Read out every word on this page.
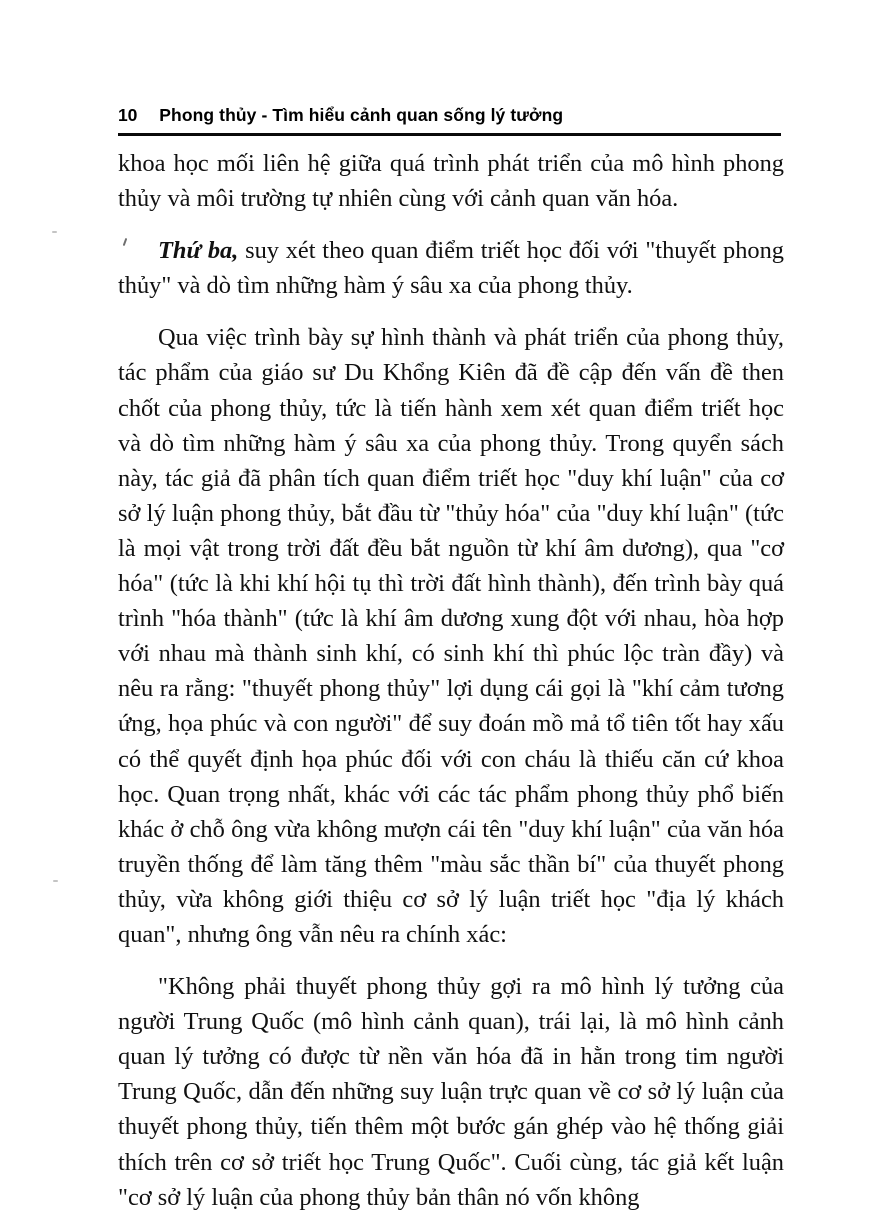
10 Phong thủy - Tìm hiểu cảnh quan sống lý tưởng

khoa học mối liên hệ giữa quá trình phát triển của mô hình phong thủy và môi trường tự nhiên cùng với cảnh quan văn hóa.

Thứ ba, suy xét theo quan điểm triết học đối với "thuyết phong thủy" và dò tìm những hàm ý sâu xa của phong thủy.

Qua việc trình bày sự hình thành và phát triển của phong thủy, tác phẩm của giáo sư Du Khổng Kiên đã đề cập đến vấn đề then chốt của phong thủy, tức là tiến hành xem xét quan điểm triết học và dò tìm những hàm ý sâu xa của phong thủy. Trong quyển sách này, tác giả đã phân tích quan điểm triết học "duy khí luận" của cơ sở lý luận phong thủy, bắt đầu từ "thủy hóa" của "duy khí luận" (tức là mọi vật trong trời đất đều bắt nguồn từ khí âm dương), qua "cơ hóa" (tức là khi khí hội tụ thì trời đất hình thành), đến trình bày quá trình "hóa thành" (tức là khí âm dương xung đột với nhau, hòa hợp với nhau mà thành sinh khí, có sinh khí thì phúc lộc tràn đầy) và nêu ra rằng: "thuyết phong thủy" lợi dụng cái gọi là "khí cảm tương ứng, họa phúc và con người" để suy đoán mồ mả tổ tiên tốt hay xấu có thể quyết định họa phúc đối với con cháu là thiếu căn cứ khoa học. Quan trọng nhất, khác với các tác phẩm phong thủy phổ biến khác ở chỗ ông vừa không mượn cái tên "duy khí luận" của văn hóa truyền thống để làm tăng thêm "màu sắc thần bí" của thuyết phong thủy, vừa không giới thiệu cơ sở lý luận triết học "địa lý khách quan", nhưng ông vẫn nêu ra chính xác:

"Không phải thuyết phong thủy gợi ra mô hình lý tưởng của người Trung Quốc (mô hình cảnh quan), trái lại, là mô hình cảnh quan lý tưởng có được từ nền văn hóa đã in hằn trong tim người Trung Quốc, dẫn đến những suy luận trực quan về cơ sở lý luận của thuyết phong thủy, tiến thêm một bước gán ghép vào hệ thống giải thích trên cơ sở triết học Trung Quốc". Cuối cùng, tác giả kết luận "cơ sở lý luận của phong thủy bản thân nó vốn không
